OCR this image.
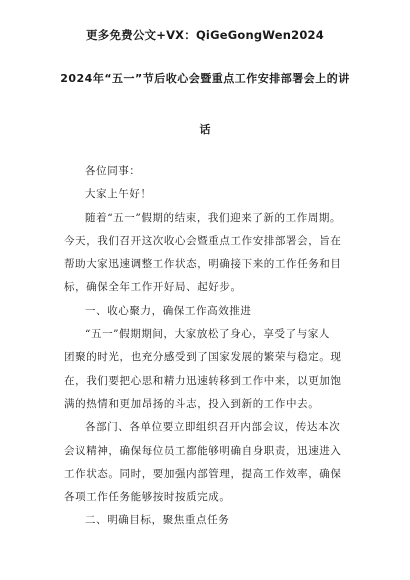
更多免费公文+VX：QiGeGongWen2024
2024年“五一”节后收心会暨重点工作安排部署会上的讲
话
各位同事：
大家上午好！
随着“五一”假期的结束，我们迎来了新的工作周期。
今天，我们召开这次收心会暨重点工作安排部署会，旨在
帮助大家迅速调整工作状态，明确接下来的工作任务和目
标，确保全年工作开好局、起好步。
一、收心聚力，确保工作高效推进
“五一”假期期间，大家放松了身心，享受了与家人
团聚的时光，也充分感受到了国家发展的繁荣与稳定。现
在，我们要把心思和精力迅速转移到工作中来，以更加饱
满的热情和更加昂扬的斗志，投入到新的工作中去。
各部门、各单位要立即组织召开内部会议，传达本次
会议精神，确保每位员工都能够明确自身职责，迅速进入
工作状态。同时，要加强内部管理，提高工作效率，确保
各项工作任务能够按时按质完成。
二、明确目标，聚焦重点任务
